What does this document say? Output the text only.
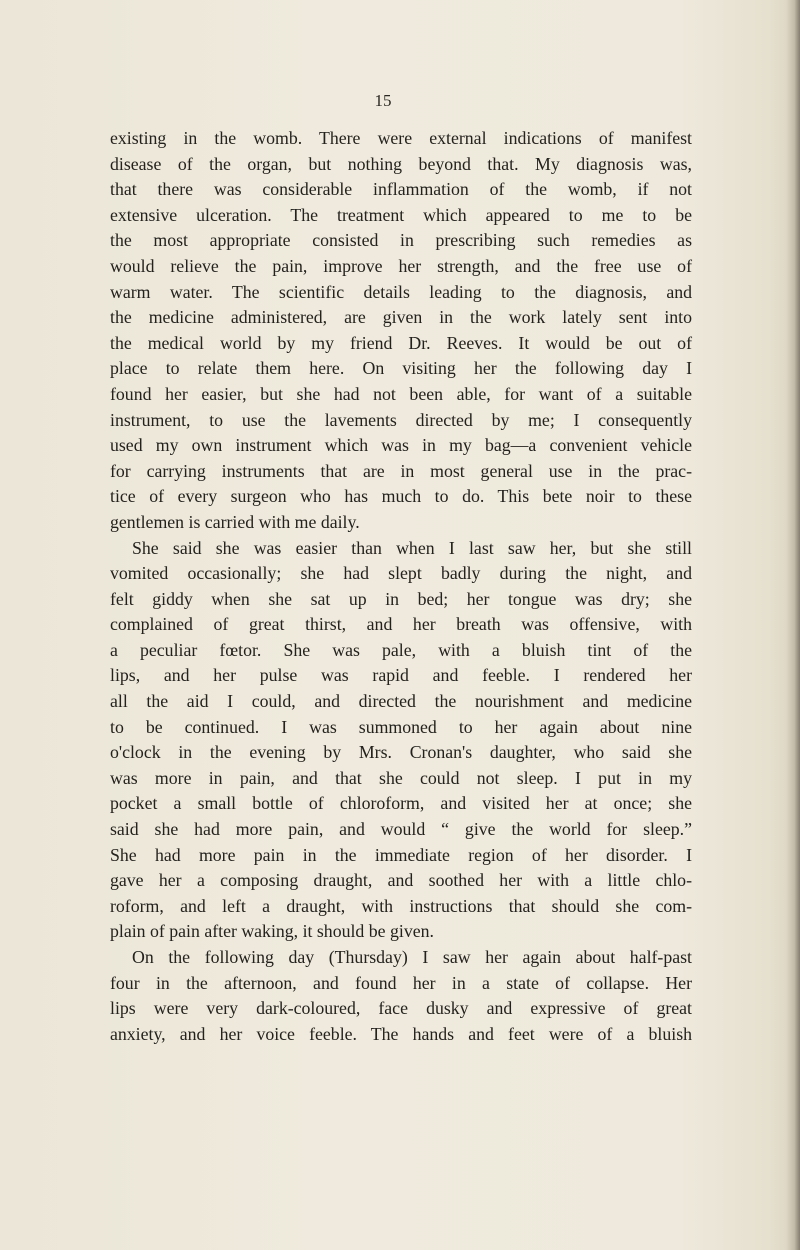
15

existing in the womb. There were external indications of manifest
disease of the organ, but nothing beyond that. My diagnosis was,
that there was considerable inflammation of the womb, if not
extensive ulceration. The treatment which appeared to me to be
the most appropriate consisted in prescribing such remedies as
would relieve the pain, improve her strength, and the free use of
warm water. The scientific details leading to the diagnosis, and
the medicine administered, are given in the work lately sent into
the medical world by my friend Dr. Reeves. It would be out of
place to relate them here. On visiting her the following day I
found her easier, but she had not been able, for want of a suitable
instrument, to use the lavements directed by me; I consequently
used my own instrument which was in my bag—a convenient vehicle
for carrying instruments that are in most general use in the prac-
tice of every surgeon who has much to do. This bete noir to these
gentlemen is carried with me daily.
She said she was easier than when I last saw her, but she still
vomited occasionally; she had slept badly during the night, and
felt giddy when she sat up in bed; her tongue was dry; she
complained of great thirst, and her breath was offensive, with
a peculiar fœtor. She was pale, with a bluish tint of the
lips, and her pulse was rapid and feeble. I rendered her
all the aid I could, and directed the nourishment and medicine
to be continued. I was summoned to her again about nine
o'clock in the evening by Mrs. Cronan's daughter, who said she
was more in pain, and that she could not sleep. I put in my
pocket a small bottle of chloroform, and visited her at once; she
said she had more pain, and would “ give the world for sleep.”
She had more pain in the immediate region of her disorder. I
gave her a composing draught, and soothed her with a little chlo-
roform, and left a draught, with instructions that should she com-
plain of pain after waking, it should be given.
On the following day (Thursday) I saw her again about half-past
four in the afternoon, and found her in a state of collapse. Her
lips were very dark-coloured, face dusky and expressive of great
anxiety, and her voice feeble. The hands and feet were of a bluish
